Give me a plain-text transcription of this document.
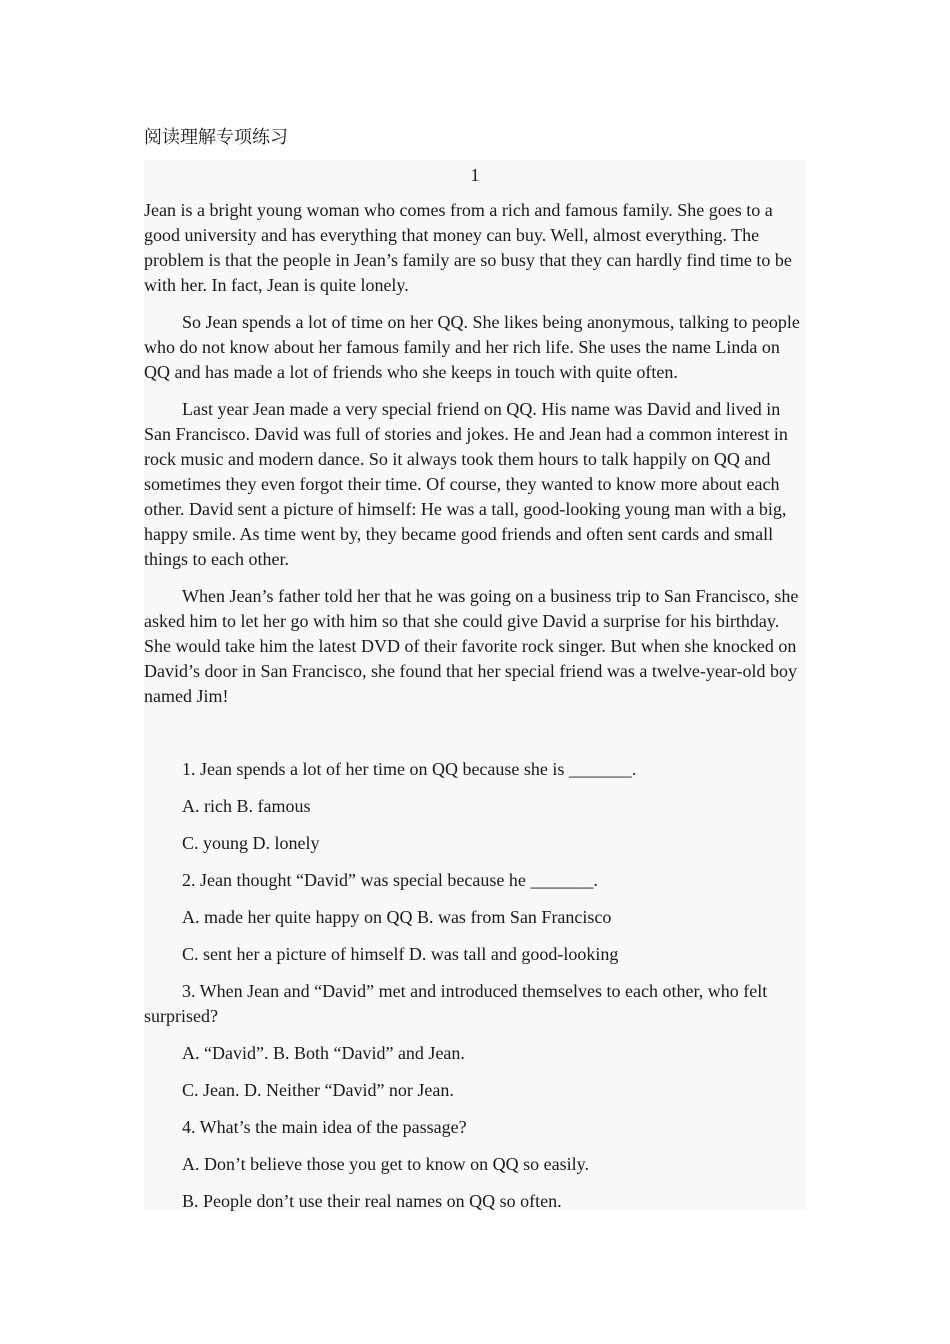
阅读理解专项练习
1

Jean is a bright young woman who comes from a rich and famous family. She goes to a good university and has everything that money can buy. Well, almost everything. The problem is that the people in Jean’s family are so busy that they can hardly find time to be with her. In fact, Jean is quite lonely.

So Jean spends a lot of time on her QQ. She likes being anonymous, talking to people who do not know about her famous family and her rich life. She uses the name Linda on QQ and has made a lot of friends who she keeps in touch with quite often.

Last year Jean made a very special friend on QQ. His name was David and lived in San Francisco. David was full of stories and jokes. He and Jean had a common interest in rock music and modern dance. So it always took them hours to talk happily on QQ and sometimes they even forgot their time. Of course, they wanted to know more about each other. David sent a picture of himself: He was a tall, good-looking young man with a big, happy smile. As time went by, they became good friends and often sent cards and small things to each other.

When Jean’s father told her that he was going on a business trip to San Francisco, she asked him to let her go with him so that she could give David a surprise for his birthday. She would take him the latest DVD of their favorite rock singer. But when she knocked on David’s door in San Francisco, she found that her special friend was a twelve-year-old boy named Jim!

1. Jean spends a lot of her time on QQ because she is _______.

A. rich B. famous

C. young D. lonely

2. Jean thought “David” was special because he _______.

A. made her quite happy on QQ B. was from San Francisco

C. sent her a picture of himself D. was tall and good-looking

3. When Jean and “David” met and introduced themselves to each other, who felt surprised?

A. “David”. B. Both “David” and Jean.

C. Jean. D. Neither “David” nor Jean.

4. What’s the main idea of the passage?

A. Don’t believe those you get to know on QQ so easily.

B. People don’t use their real names on QQ so often.
